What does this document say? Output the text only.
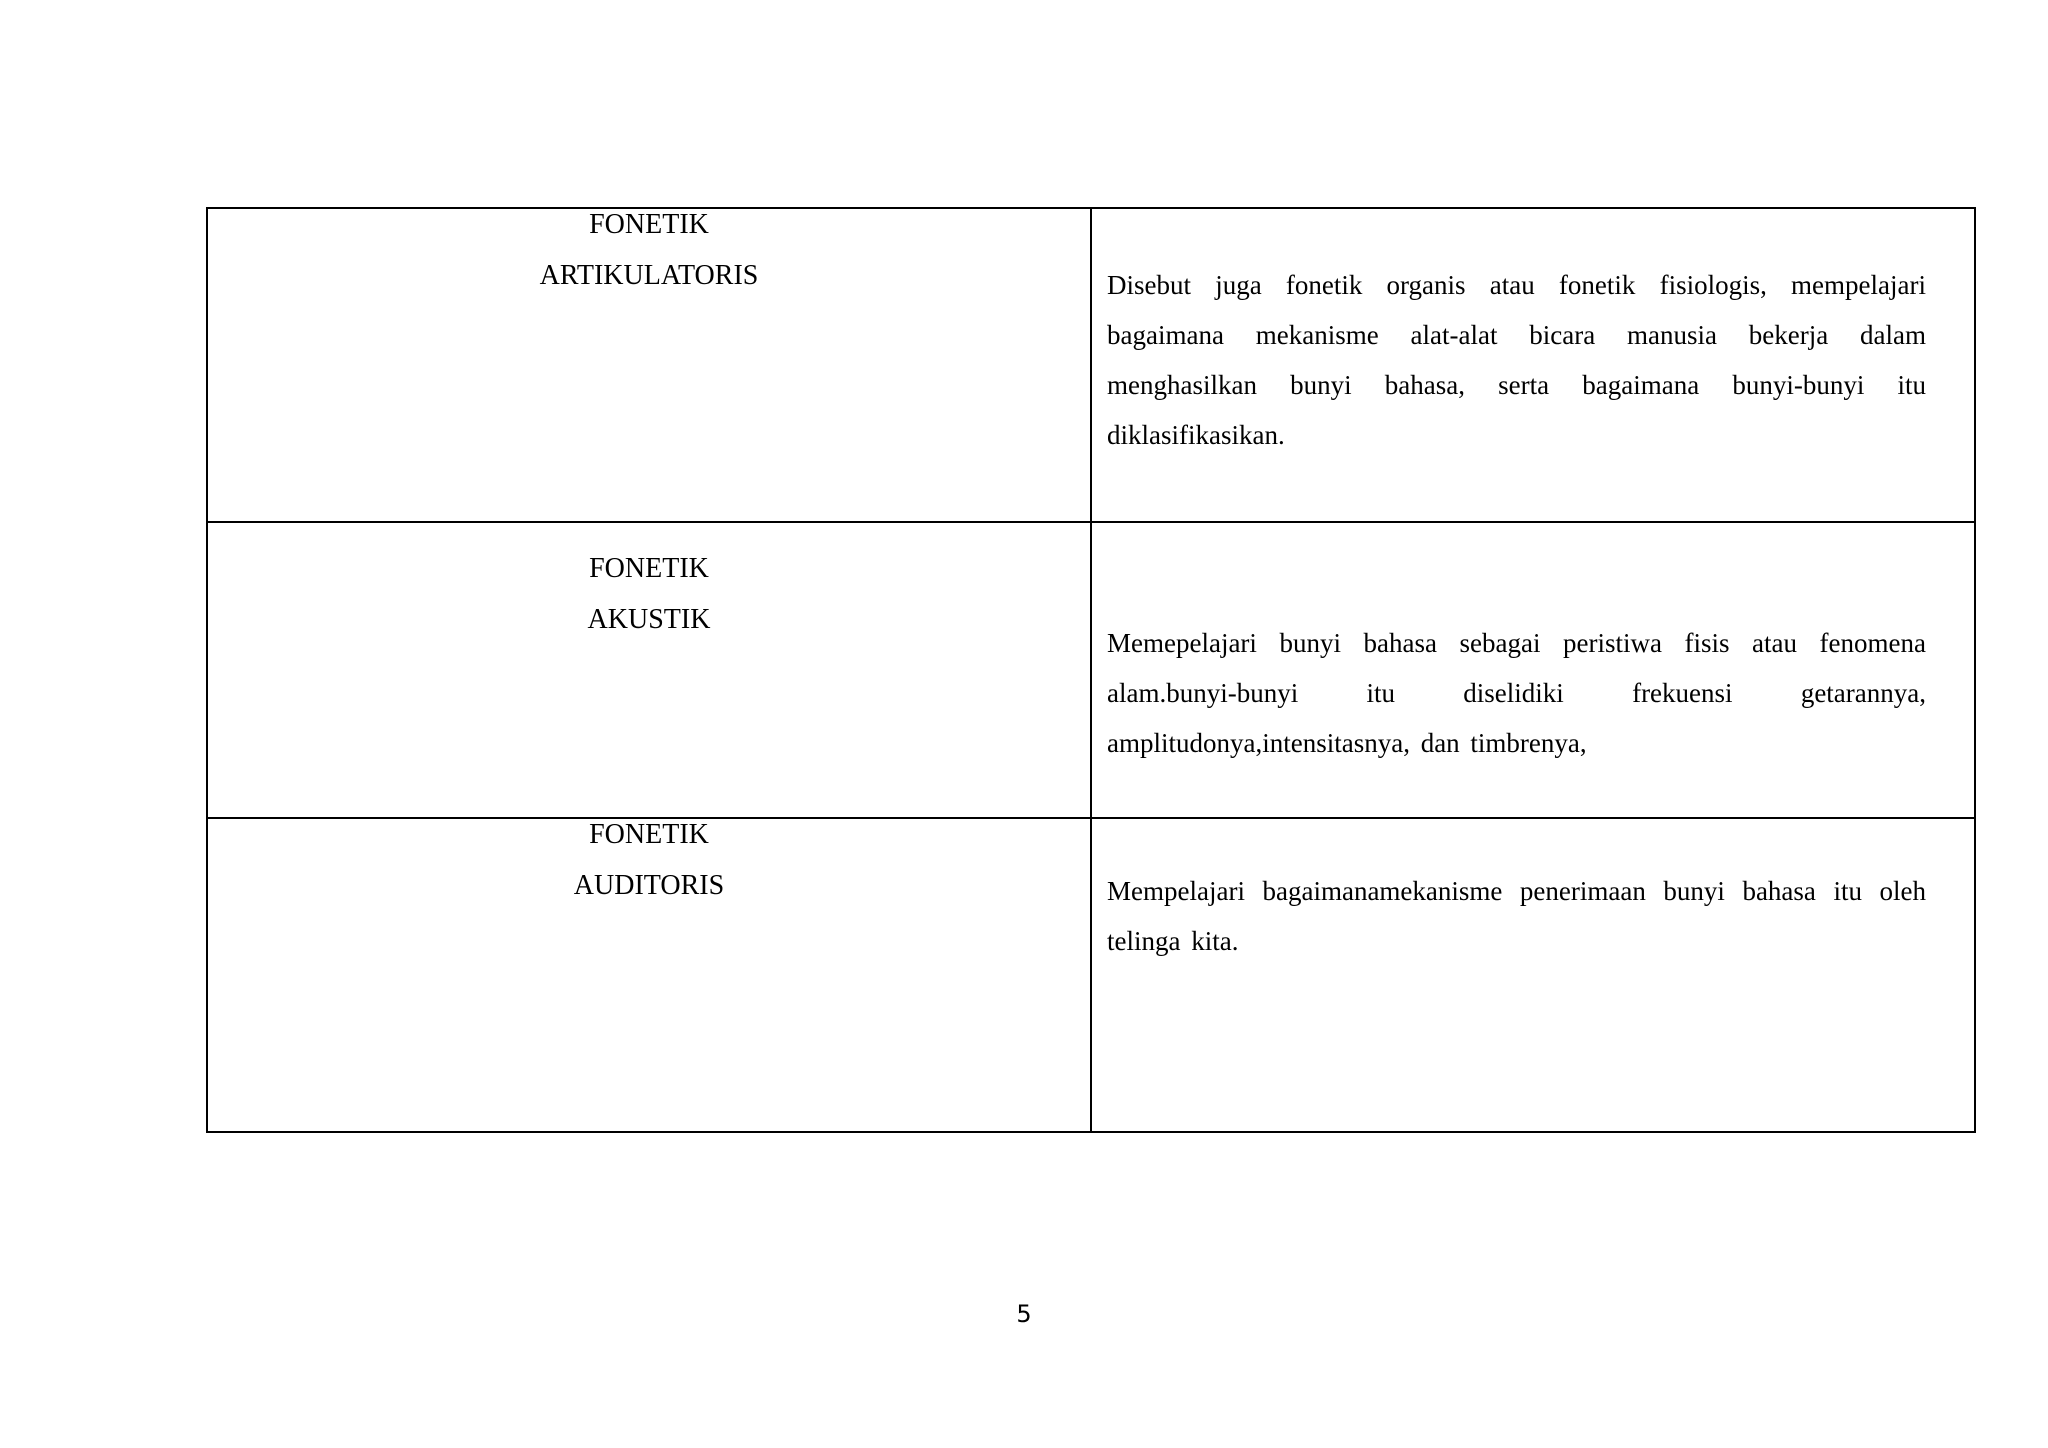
FONETIK
ARTIKULATORIS	Disebut juga fonetik organis atau fonetik fisiologis, mempelajari bagaimana mekanisme alat-alat bicara manusia bekerja dalam menghasilkan bunyi bahasa, serta bagaimana bunyi-bunyi itu diklasifikasikan.

FONETIK
AKUSTIK	Memepelajari bunyi bahasa sebagai peristiwa fisis atau fenomena alam.bunyi-bunyi itu diselidiki frekuensi getarannya, amplitudonya,intensitasnya, dan timbrenya,

FONETIK
AUDITORIS	Mempelajari bagaimanamekanisme penerimaan bunyi bahasa itu oleh telinga kita.
5
